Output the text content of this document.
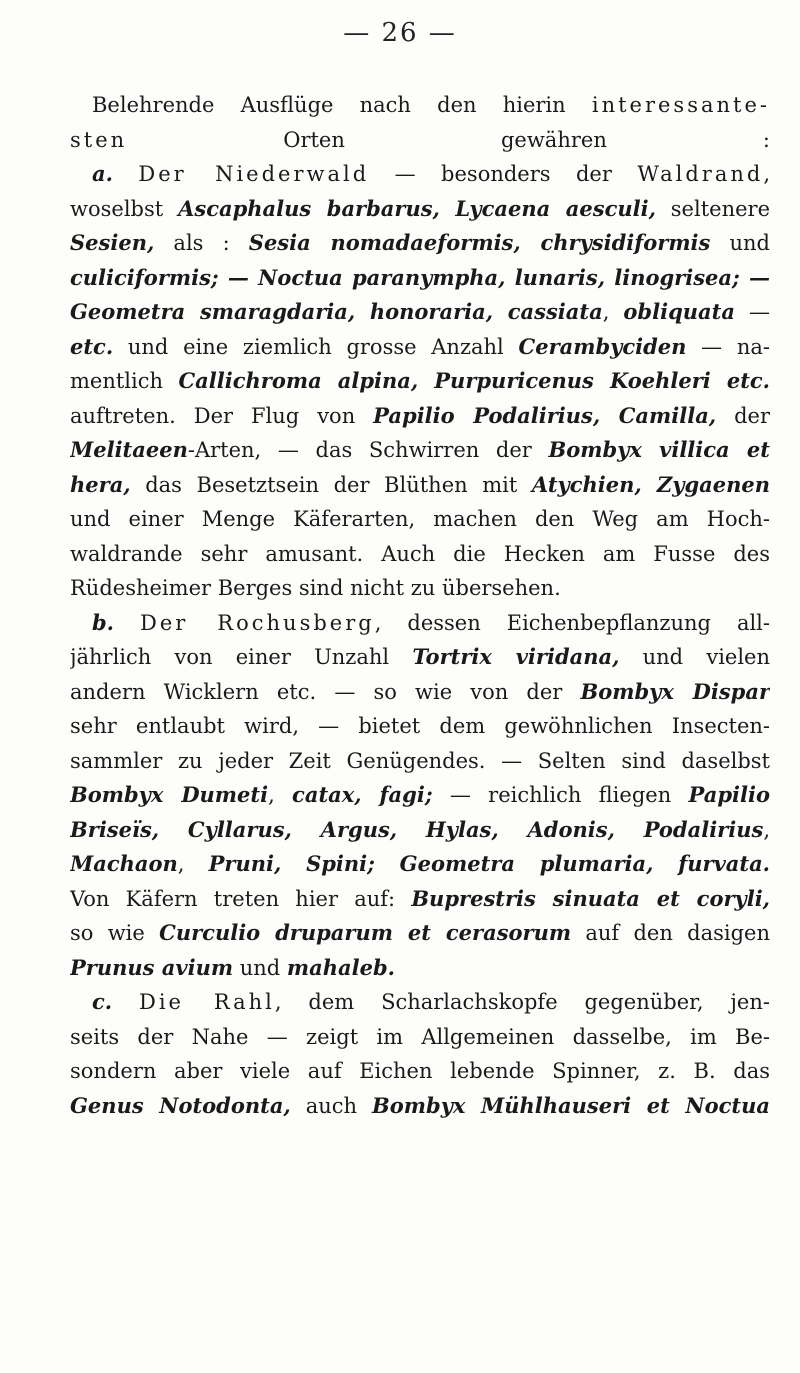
— 26 —
Belehrende Ausflüge nach den hierin interessante-
sten Orten gewähren :
a. Der Niederwald — besonders der Waldrand,
woselbst Ascaphalus barbarus, Lycaena aesculi, seltenere
Sesien, als : Sesia nomadaeformis, chrysidiformis und
culiciformis; — Noctua paranympha, lunaris, linogrisea; —
Geometra smaragdaria, honoraria, cassiata, obliquata —
etc. und eine ziemlich grosse Anzahl Cerambyciden — na-
mentlich Callichroma alpina, Purpuricenus Koehleri etc.
auftreten. Der Flug von Papilio Podalirius, Camilla, der
Melitaeen-Arten, — das Schwirren der Bombyx villica et
hera, das Besetztsein der Blüthen mit Atychien, Zygaenen
und einer Menge Käferarten, machen den Weg am Hoch-
waldrande sehr amusant. Auch die Hecken am Fusse des
Rüdesheimer Berges sind nicht zu übersehen.
b. Der Rochusberg, dessen Eichenbepflanzung all-
jährlich von einer Unzahl Tortrix viridana, und vielen
andern Wicklern etc. — so wie von der Bombyx Dispar
sehr entlaubt wird, — bietet dem gewöhnlichen Insecten-
sammler zu jeder Zeit Genügendes. — Selten sind daselbst
Bombyx Dumeti, catax, fagi; — reichlich fliegen Papilio
Briseïs, Cyllarus, Argus, Hylas, Adonis, Podalirius,
Machaon, Pruni, Spini; Geometra plumaria, furvata.
Von Käfern treten hier auf: Buprestris sinuata et coryli,
so wie Curculio druparum et cerasorum auf den dasigen
Prunus avium und mahaleb.
c. Die Rahl, dem Scharlachskopfe gegenüber, jen-
seits der Nahe — zeigt im Allgemeinen dasselbe, im Be-
sondern aber viele auf Eichen lebende Spinner, z. B. das
Genus Notodonta, auch Bombyx Mühlhauseri et Noctua
